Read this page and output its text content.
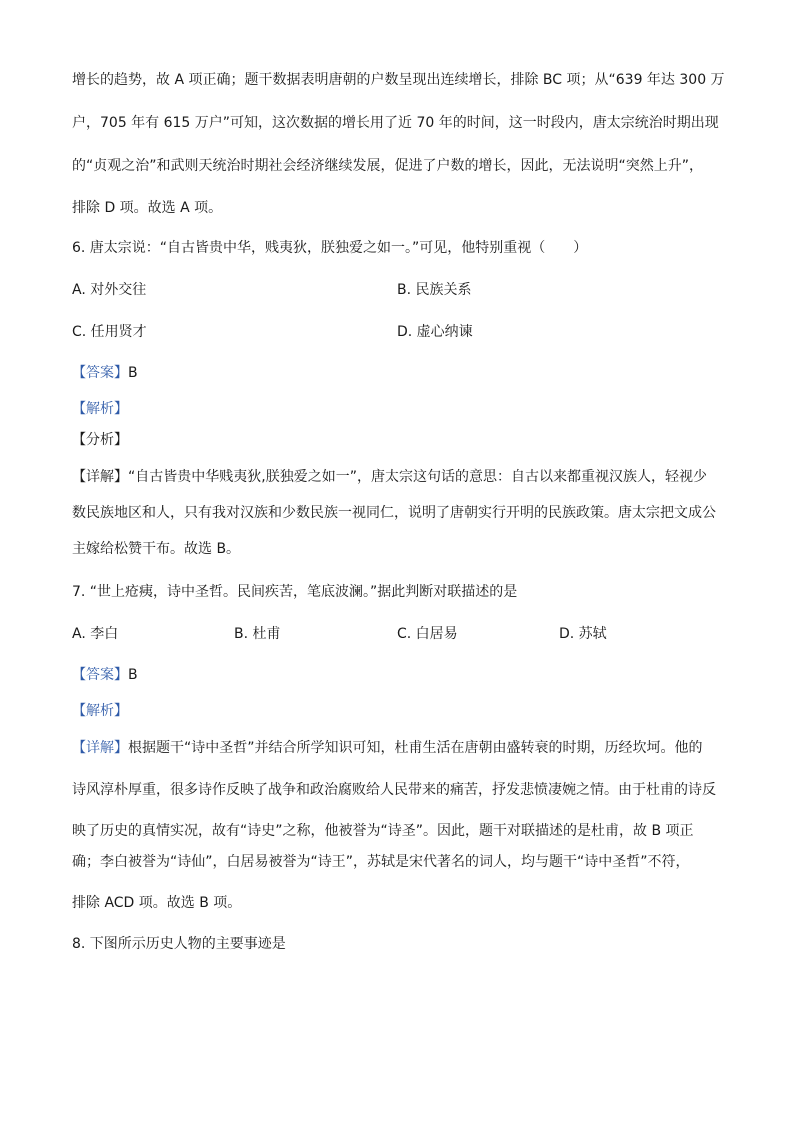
增长的趋势，故 A 项正确；题干数据表明唐朝的户数呈现出连续增长，排除 BC 项；从“639 年达 300 万
户，705 年有 615 万户”可知，这次数据的增长用了近 70 年的时间，这一时段内，唐太宗统治时期出现
的“贞观之治”和武则天统治时期社会经济继续发展，促进了户数的增长，因此，无法说明“突然上升”，
排除 D 项。故选 A 项。
6. 唐太宗说：“自古皆贵中华，贱夷狄，朕独爱之如一。”可见，他特别重视（　　）
A. 对外交往	B. 民族关系
C. 任用贤才	D. 虚心纳谏
【答案】B
【解析】
【分析】
【详解】“自古皆贵中华贱夷狄,朕独爱之如一”，唐太宗这句话的意思：自古以来都重视汉族人，轻视少
数民族地区和人，只有我对汉族和少数民族一视同仁，说明了唐朝实行开明的民族政策。唐太宗把文成公
主嫁给松赞干布。故选 B。
7. “世上疮痍，诗中圣哲。民间疾苦，笔底波澜。”据此判断对联描述的是
A. 李白	B. 杜甫	C. 白居易	D. 苏轼
【答案】B
【解析】
【详解】根据题干“诗中圣哲”并结合所学知识可知，杜甫生活在唐朝由盛转衰的时期，历经坎坷。他的
诗风淳朴厚重，很多诗作反映了战争和政治腐败给人民带来的痛苦，抒发悲愤凄婉之情。由于杜甫的诗反
映了历史的真情实况，故有“诗史”之称，他被誉为“诗圣”。因此，题干对联描述的是杜甫，故 B 项正
确；李白被誉为“诗仙”，白居易被誉为“诗王”，苏轼是宋代著名的词人，均与题干“诗中圣哲”不符，
排除 ACD 项。故选 B 项。
8. 下图所示历史人物的主要事迹是
